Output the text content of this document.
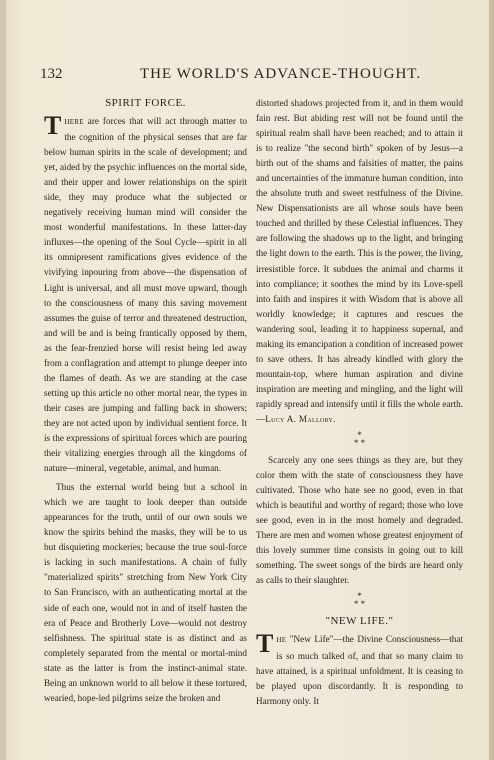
132	THE WORLD'S ADVANCE-THOUGHT.
SPIRIT FORCE.

THERE are forces that will act through matter to the cognition of the physical senses that are far below human spirits in the scale of development; and yet, aided by the psychic influences on the mortal side, and their upper and lower relationships on the spirit side, they may produce what the subjected or negatively receiving human mind will consider the most wonderful manifestations. In these latter-day influxes—the opening of the Soul Cycle—spirit in all its omnipresent ramifications gives evidence of the vivifying inpouring from above—the dispensation of Light is universal, and all must move upward, though to the consciousness of many this saving movement assumes the guise of terror and threatened destruction, and will be and is being frantically opposed by them, as the fear-frenzied horse will resist being led away from a conflagration and attempt to plunge deeper into the flames of death. As we are standing at the case setting up this article no other mortal near, the types in their cases are jumping and falling back in showers; they are not acted upon by individual sentient force. It is the expressions of spiritual forces which are pouring their vitalizing energies through all the kingdoms of nature—mineral, vegetable, animal, and human.

Thus the external world being but a school in which we are taught to look deeper than outside appearances for the truth, until of our own souls we know the spirits behind the masks, they will be to us but disquieting mockeries; because the true soul-force is lacking in such manifestations. A chain of fully "materialized spirits" stretching from New York City to San Francisco, with an authenticating mortal at the side of each one, would not in and of itself hasten the era of Peace and Brotherly Love—would not destroy selfishness. The spiritual state is as distinct and as completely separated from the mental or mortal-mind state as the latter is from the instinct-animal state. Being an unknown world to all below it these tortured, wearied, hope-led pilgrims seize the broken and

distorted shadows projected from it, and in them would fain rest. But abiding rest will not be found until the spiritual realm shall have been reached; and to attain it is to realize "the second birth" spoken of by Jesus—a birth out of the shams and falsities of matter, the pains and uncertainties of the immature human condition, into the absolute truth and sweet restfulness of the Divine. New Dispensationists are all whose souls have been touched and thrilled by these Celestial influences. They are following the shadows up to the light, and bringing the light down to the earth. This is the power, the living, irresistible force. It subdues the animal and charms it into compliance; it soothes the mind by its Love-spell into faith and inspires it with Wisdom that is above all worldly knowledge; it captures and rescues the wandering soul, leading it to happiness supernal, and making its emancipation a condition of increased power to save others. It has already kindled with glory the mountain-top, where human aspiration and divine inspiration are meeting and mingling, and the light will rapidly spread and intensify until it fills the whole earth.—Lucy A. Mallory.

*
* *

Scarcely any one sees things as they are, but they color them with the state of consciousness they have cultivated. Those who hate see no good, even in that which is beautiful and worthy of regard; those who love see good, even in in the most homely and degraded. There are men and women whose greatest enjoyment of this lovely summer time consists in going out to kill something. The sweet songs of the birds are heard only as calls to their slaughter.

*
* *
"NEW LIFE."

THE "New Life"—the Divine Consciousness—that is so much talked of, and that so many claim to have attained, is a spiritual unfoldment. It is ceasing to be played upon discordantly. It is responding to Harmony only. It
